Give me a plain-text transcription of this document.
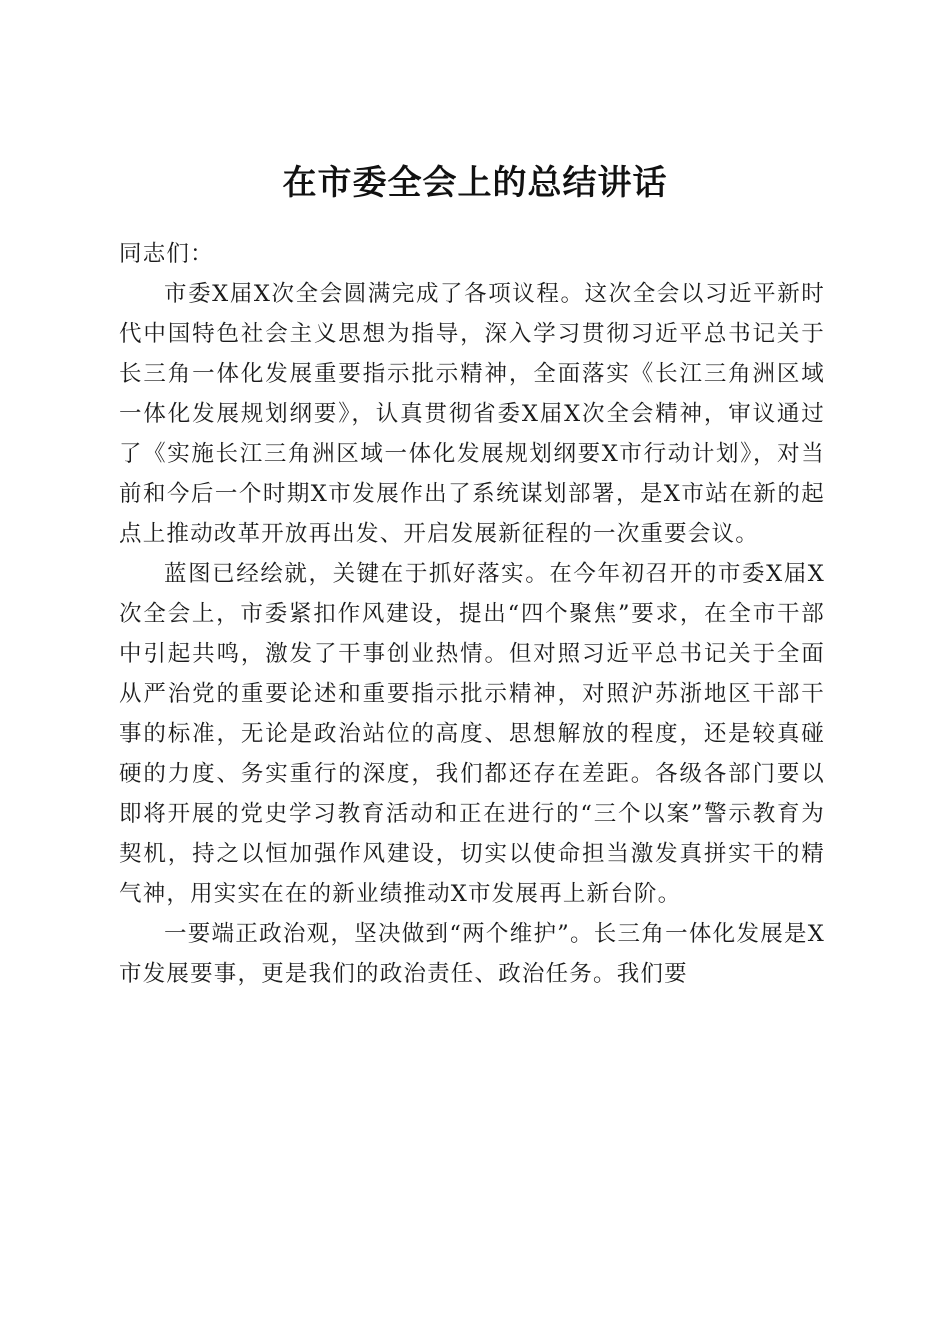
在市委全会上的总结讲话

同志们：

市委X届X次全会圆满完成了各项议程。这次全会以习近平新时代中国特色社会主义思想为指导，深入学习贯彻习近平总书记关于长三角一体化发展重要指示批示精神，全面落实《长江三角洲区域一体化发展规划纲要》，认真贯彻省委X届X次全会精神，审议通过了《实施长江三角洲区域一体化发展规划纲要X市行动计划》，对当前和今后一个时期X市发展作出了系统谋划部署，是X市站在新的起点上推动改革开放再出发、开启发展新征程的一次重要会议。

蓝图已经绘就，关键在于抓好落实。在今年初召开的市委X届X次全会上，市委紧扣作风建设，提出“四个聚焦”要求，在全市干部中引起共鸣，激发了干事创业热情。但对照习近平总书记关于全面从严治党的重要论述和重要指示批示精神，对照沪苏浙地区干部干事的标准，无论是政治站位的高度、思想解放的程度，还是较真碰硬的力度、务实重行的深度，我们都还存在差距。各级各部门要以即将开展的党史学习教育活动和正在进行的“三个以案”警示教育为契机，持之以恒加强作风建设，切实以使命担当激发真拼实干的精气神，用实实在在的新业绩推动X市发展再上新台阶。

一要端正政治观，坚决做到“两个维护”。长三角一体化发展是X市发展要事，更是我们的政治责任、政治任务。我们要
